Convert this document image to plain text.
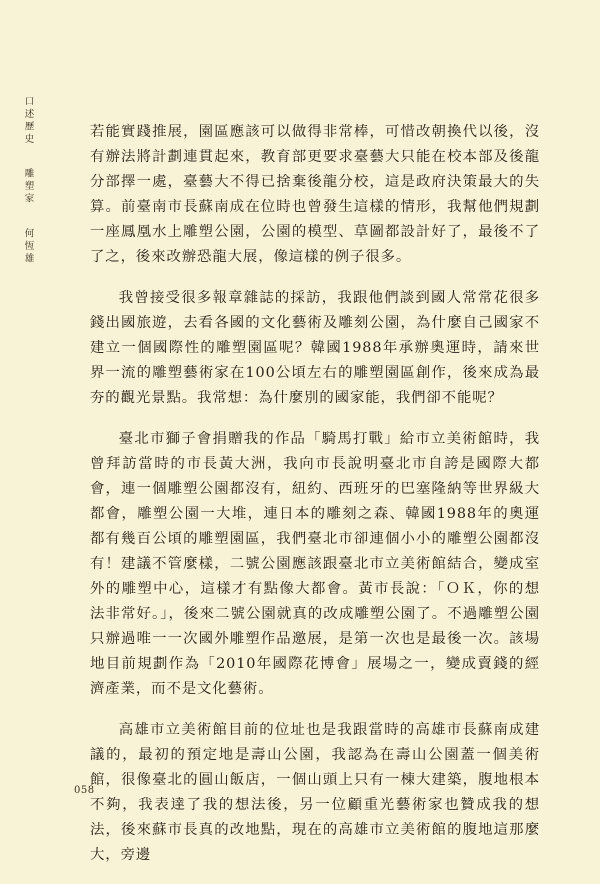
口述歷史
雕塑家
何恆雄

若能實踐推展，園區應該可以做得非常棒，可惜改朝換代以後，沒有辦法將計劃連貫起來，教育部更要求臺藝大只能在校本部及後龍分部擇一處，臺藝大不得已捨棄後龍分校，這是政府決策最大的失算。前臺南市長蘇南成在位時也曾發生這樣的情形，我幫他們規劃一座鳳凰水上雕塑公園，公園的模型、草圖都設計好了，最後不了了之，後來改辦恐龍大展，像這樣的例子很多。

我曾接受很多報章雜誌的採訪，我跟他們談到國人常常花很多錢出國旅遊，去看各國的文化藝術及雕刻公園，為什麼自己國家不建立一個國際性的雕塑園區呢？韓國1988年承辦奧運時，請來世界一流的雕塑藝術家在100公頃左右的雕塑園區創作，後來成為最夯的觀光景點。我常想：為什麼別的國家能，我們卻不能呢？

臺北市獅子會捐贈我的作品「騎馬打戰」給市立美術館時，我曾拜訪當時的市長黃大洲，我向市長說明臺北市自誇是國際大都會，連一個雕塑公園都沒有，紐約、西班牙的巴塞隆納等世界級大都會，雕塑公園一大堆，連日本的雕刻之森、韓國1988年的奧運都有幾百公頃的雕塑園區，我們臺北市卻連個小小的雕塑公園都沒有！建議不管麼樣，二號公園應該跟臺北市立美術館結合，變成室外的雕塑中心，這樣才有點像大都會。黃市長說：「ＯＫ，你的想法非常好。」，後來二號公園就真的改成雕塑公園了。不過雕塑公園只辦過唯一一次國外雕塑作品邀展，是第一次也是最後一次。該場地目前規劃作為「2010年國際花博會」展場之一，變成賣錢的經濟產業，而不是文化藝術。

高雄市立美術館目前的位址也是我跟當時的高雄市長蘇南成建議的，最初的預定地是壽山公園，我認為在壽山公園蓋一個美術館，很像臺北的圓山飯店，一個山頭上只有一棟大建築，腹地根本不夠，我表達了我的想法後，另一位顧重光藝術家也贊成我的想法，後來蘇市長真的改地點，現在的高雄市立美術館的腹地這那麼大，旁邊

058
